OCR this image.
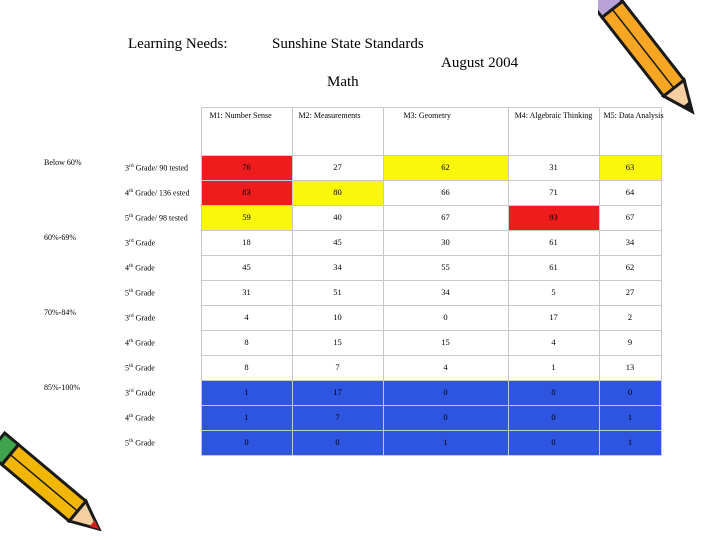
Learning Needs:	Sunshine State Standards
August 2004
Math
		M1: Number Sense	M2: Measurements	M3: Geometry	M4: Algebraic Thinking	M5: Data Analysis
Below 60%	3rd Grade/ 90 tested	76	27	62	31	63
	4th Grade/ 136 ested	83	80	66	71	64
	5th Grade/ 98 tested	59	40	67	93	67
60%-69%	3rd Grade	18	45	30	61	34
	4th Grade	45	34	55	61	62
	5th Grade	31	51	34	5	27
70%-84%	3rd Grade	4	10	0	17	2
	4th Grade	8	15	15	4	9
	5th Grade	8	7	4	1	13
85%-100%	3rd Grade	1	17	0	0	0
	4th Grade	1	7	0	0	1
	5th Grade	0	0	1	0	1
